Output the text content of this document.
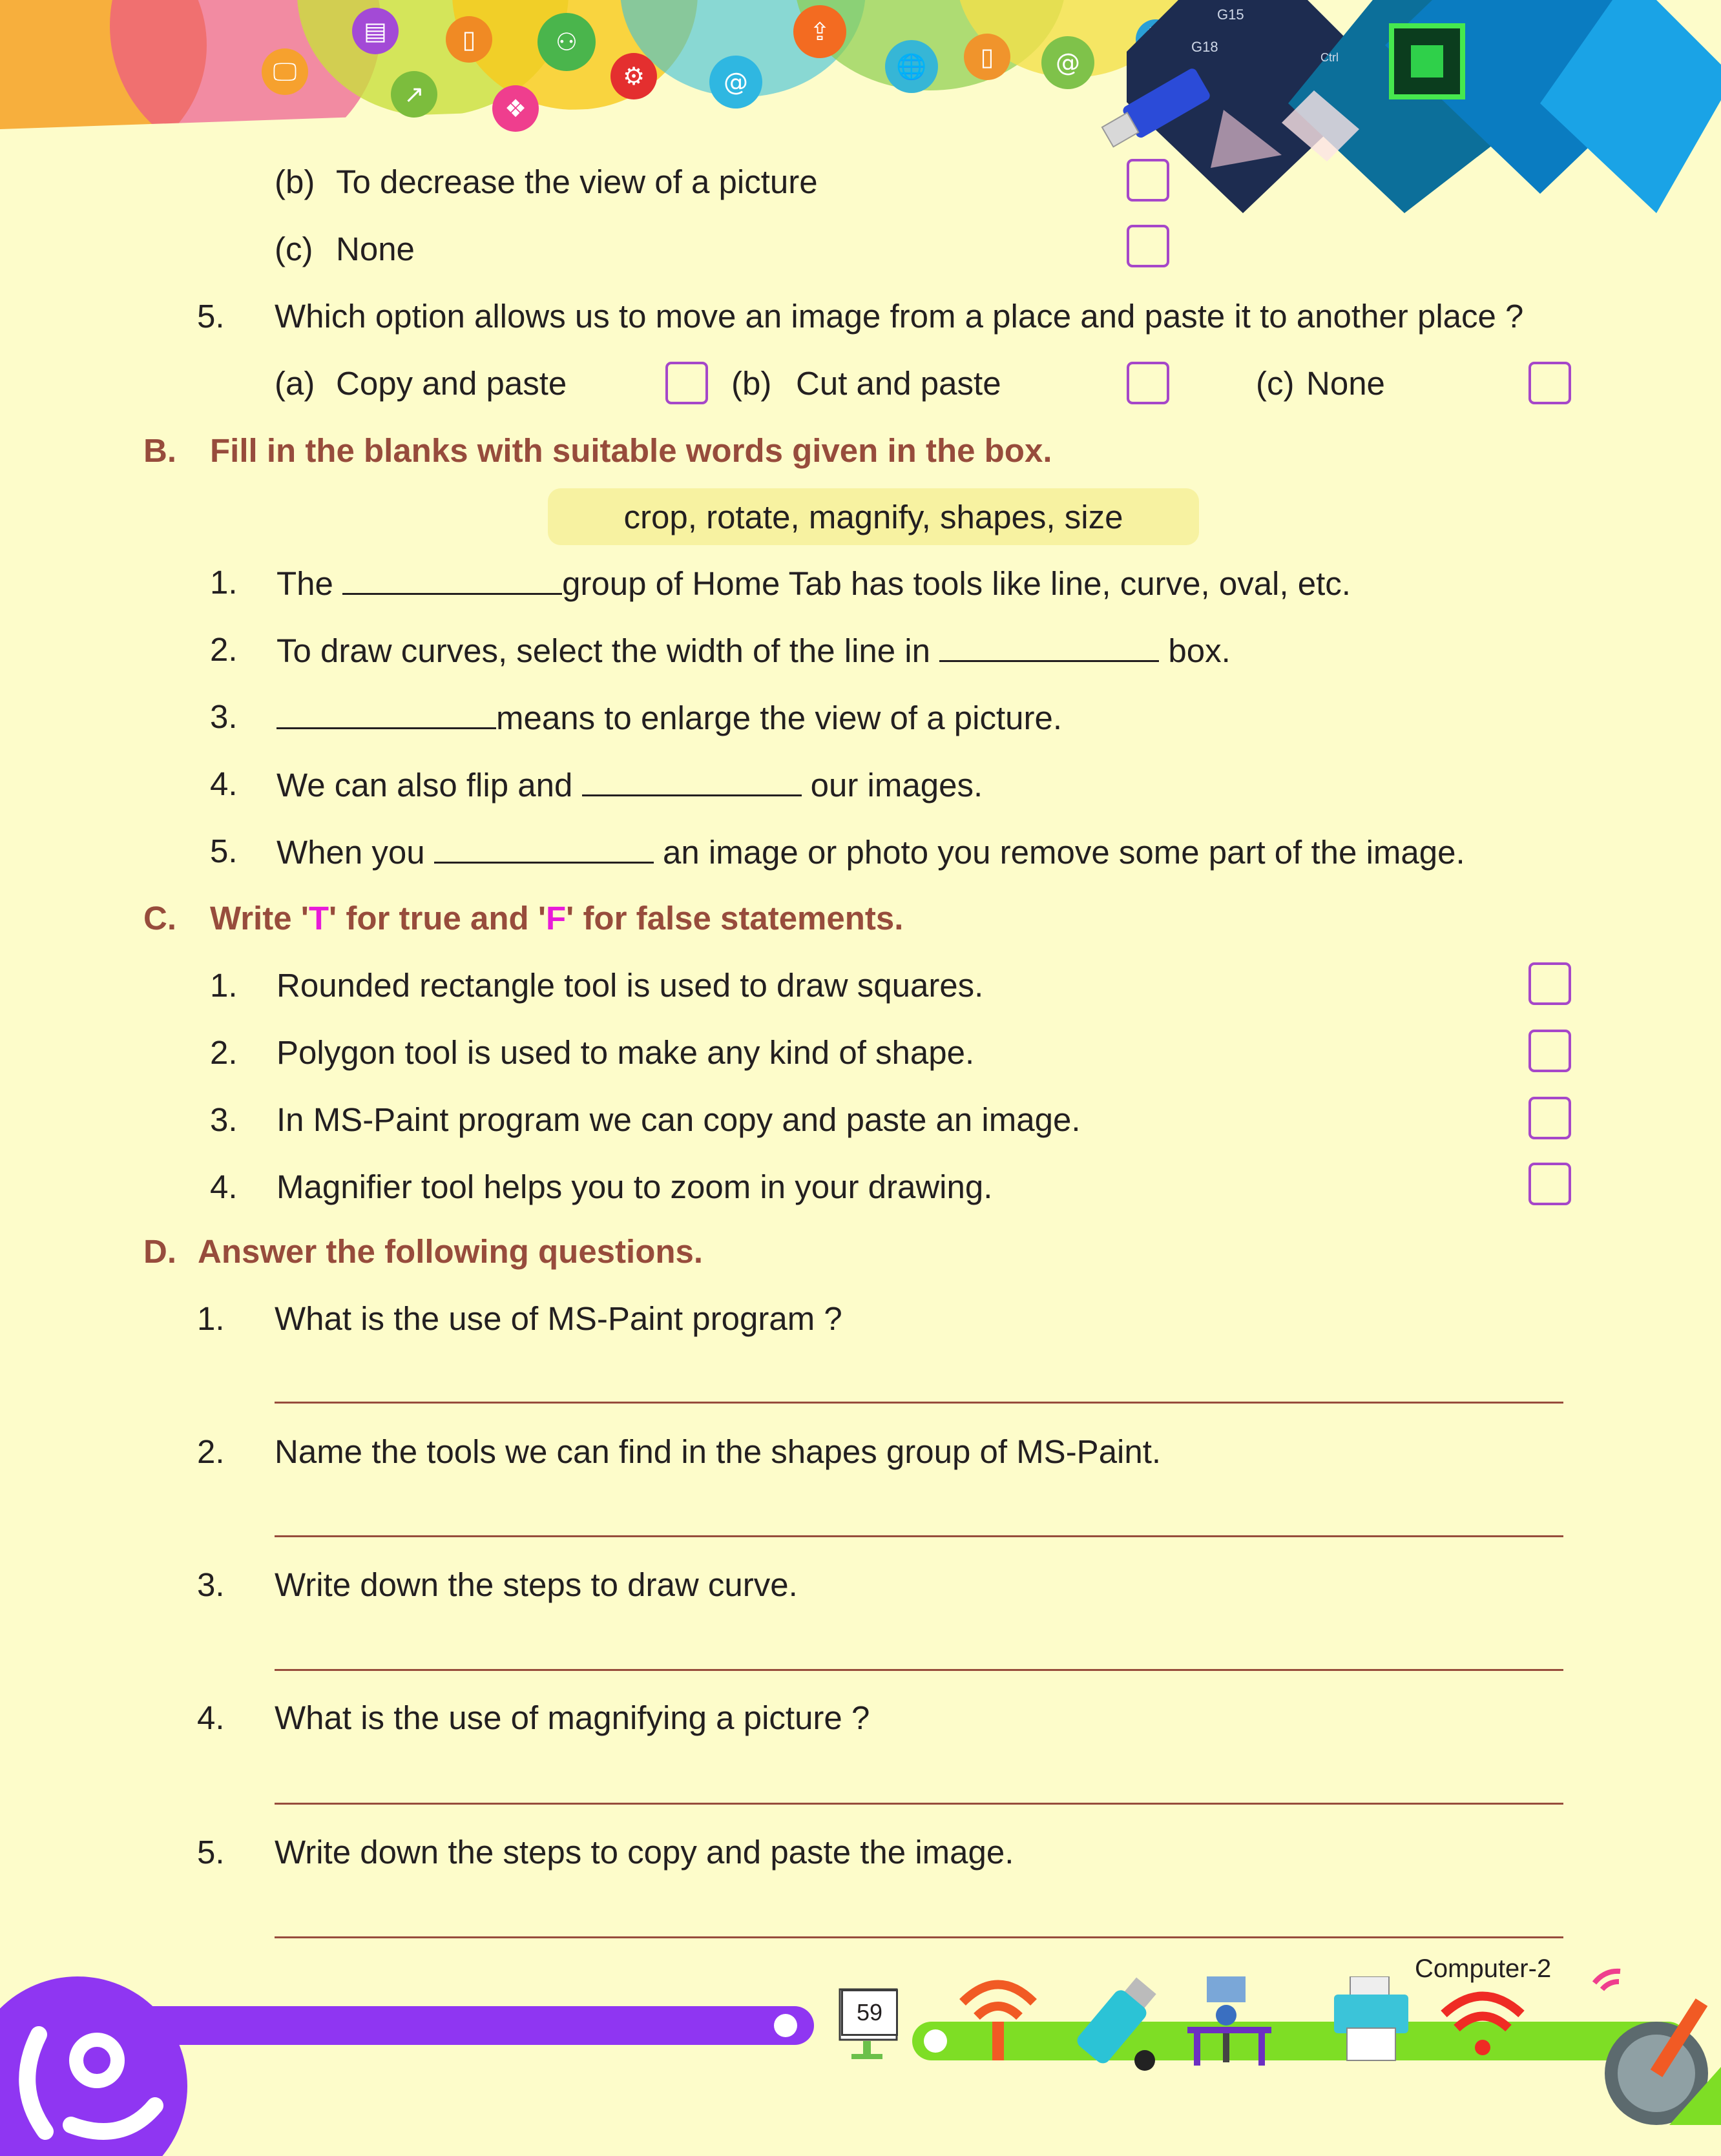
🖵
▤
↗	❖
▯	⚇
⚙	@
⇪
🌐	▯	@
G15
G18
Ctrl
(b) To decrease the view of a picture
(c) None
5. Which option allows us to move an image from a place and paste it to another place ?
(a) Copy and paste	(b) Cut and paste	(c) None
B. Fill in the blanks with suitable words given in the box.
crop, rotate, magnify, shapes, size
1. The	group of Home Tab has tools like line, curve, oval, etc.
2. To draw curves, select the width of the line in	box.
3.	means to enlarge the view of a picture.
4. We can also flip and	our images.
5. When you	an image or photo you remove some part of the image.
C. Write 'T' for true and 'F' for false statements.
1. Rounded rectangle tool is used to draw squares.
2. Polygon tool is used to make any kind of shape.
3. In MS-Paint program we can copy and paste an image.
4. Magnifier tool helps you to zoom in your drawing.
D. Answer the following questions.
1. What is the use of MS-Paint program ?
2. Name the tools we can find in the shapes group of MS-Paint.
3. Write down the steps to draw curve.
4. What is the use of magnifying a picture ?
5. Write down the steps to copy and paste the image.
Computer-2
59
